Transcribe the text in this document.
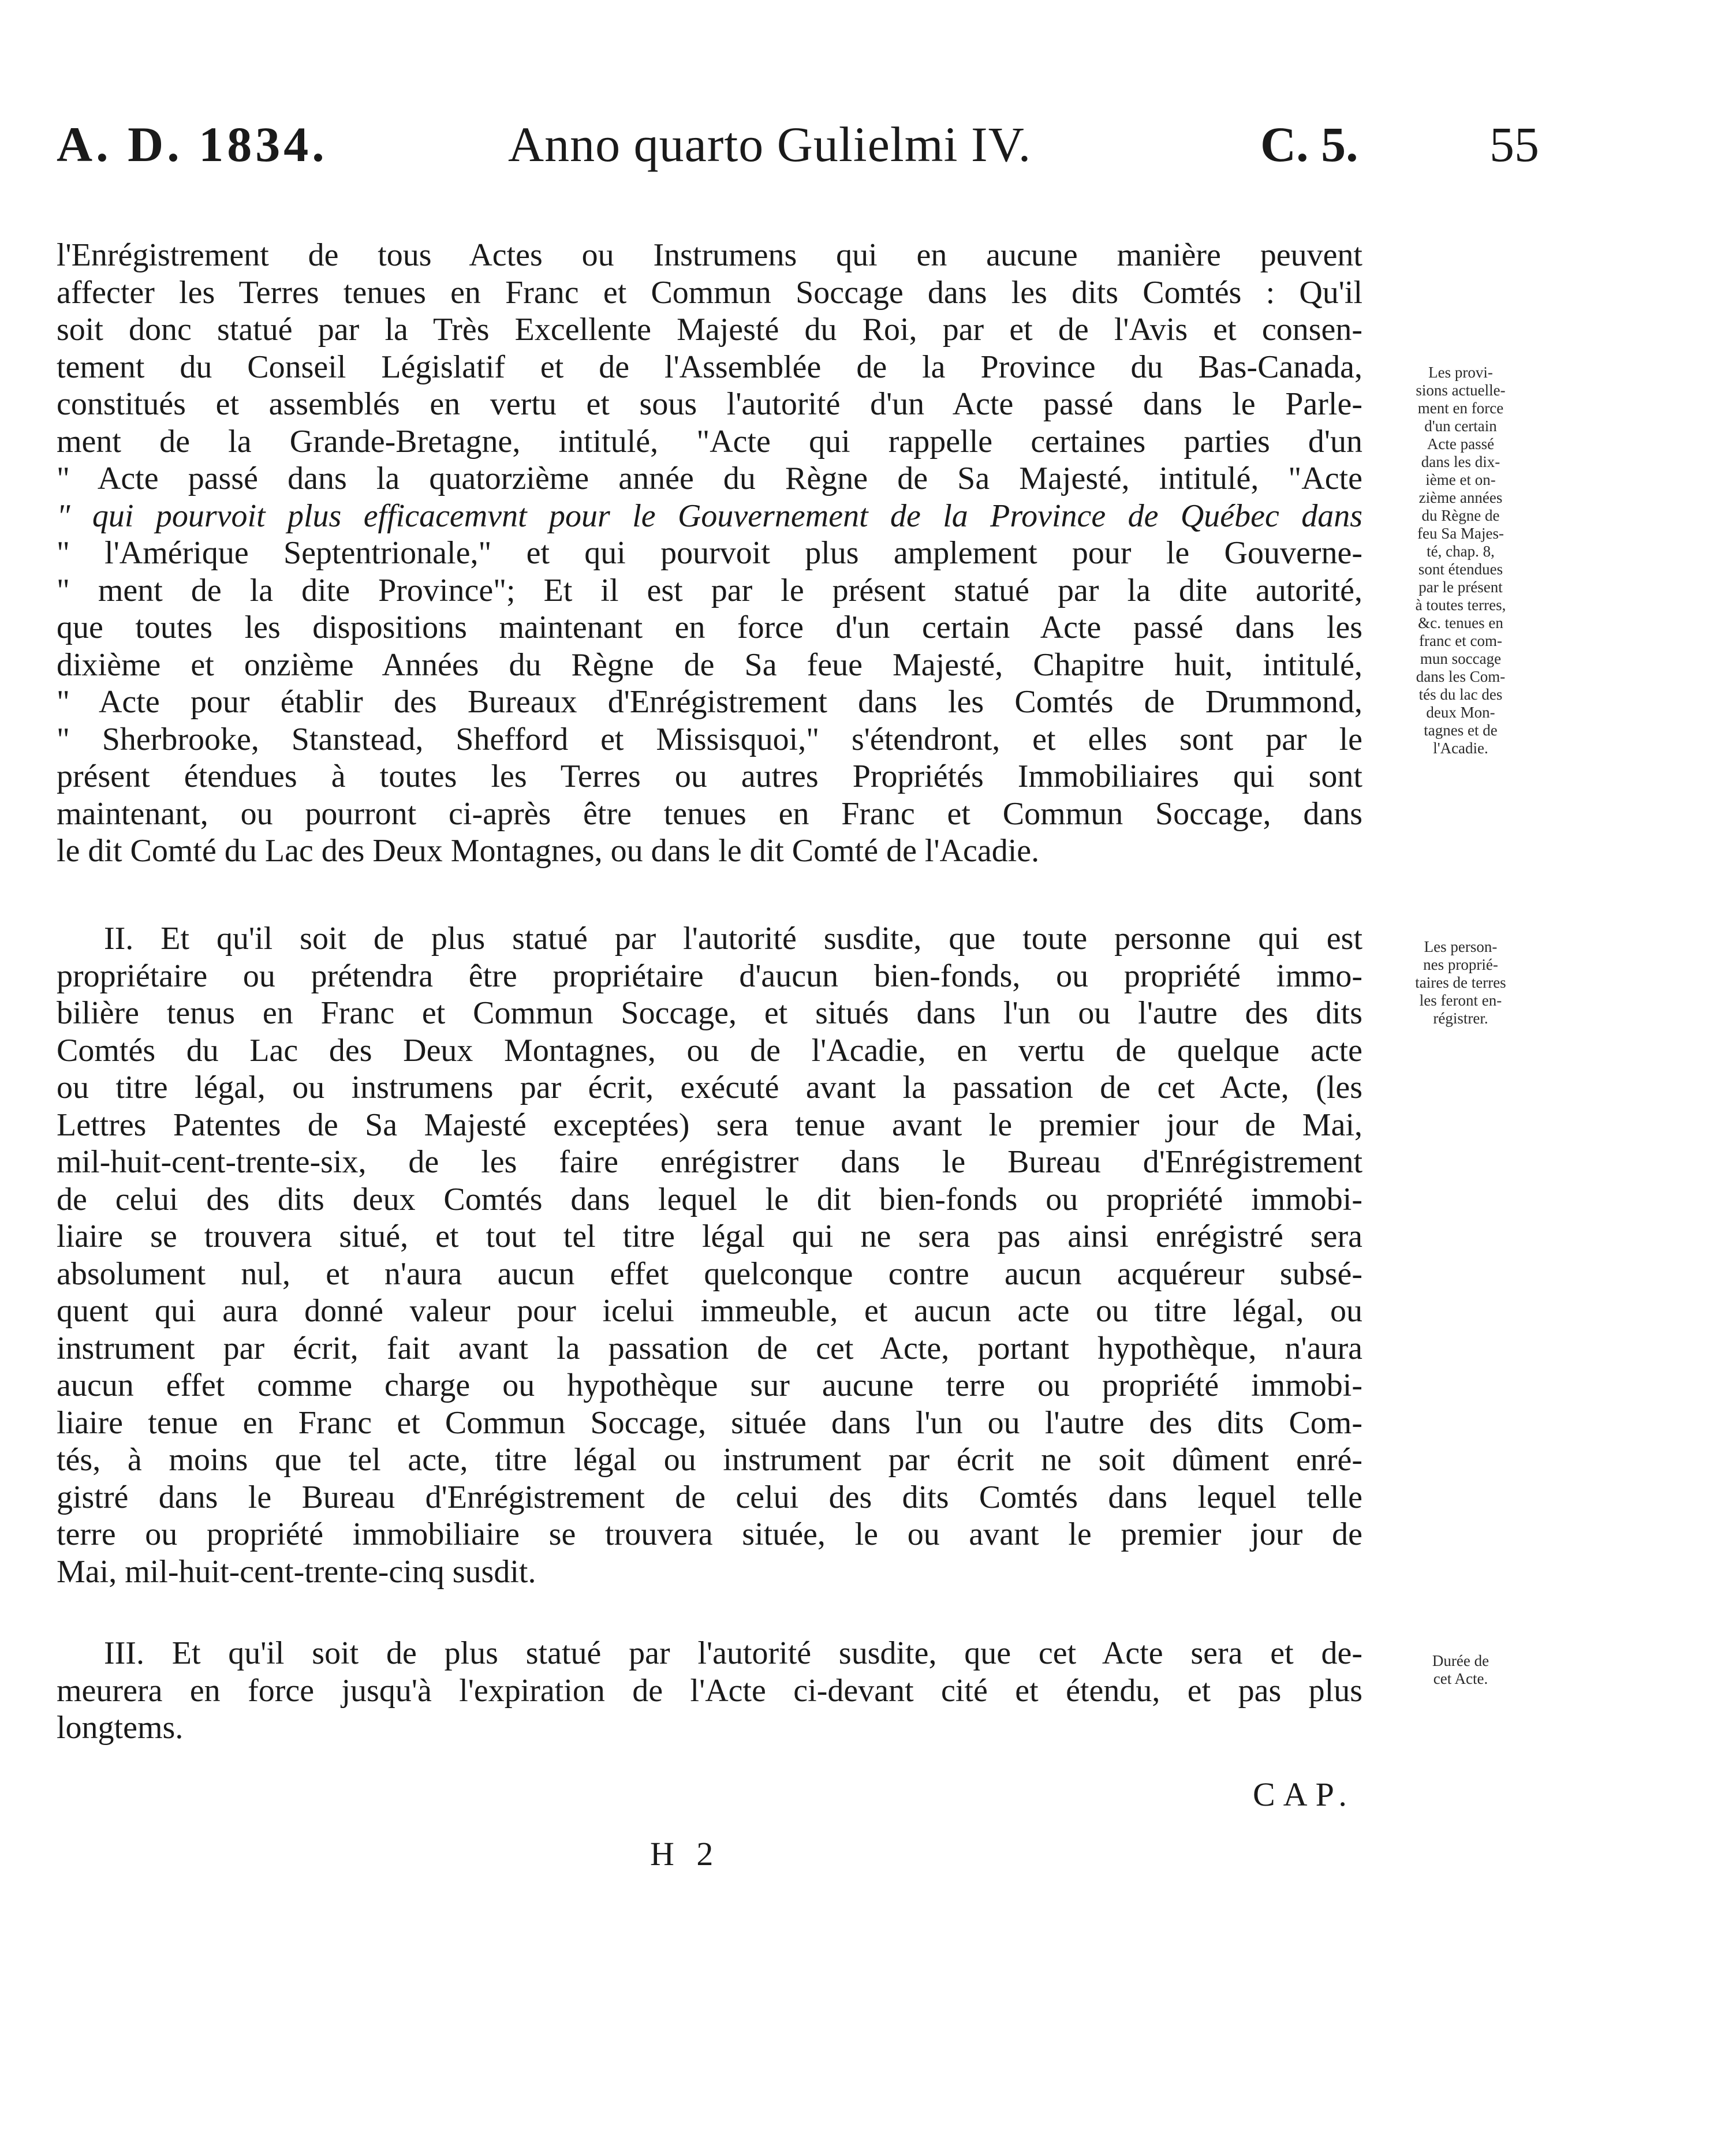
A. D. 1834.	Anno quarto Gulielmi IV.	C. 5.	55
l'Enrégistrement de tous Actes ou Instrumens qui en aucune manière peuvent
affecter les Terres tenues en Franc et Commun Soccage dans les dits Comtés : Qu'il
soit donc statué par la Très Excellente Majesté du Roi, par et de l'Avis et consen-
tement du Conseil Législatif et de l'Assemblée de la Province du Bas-Canada,
constitués et assemblés en vertu et sous l'autorité d'un Acte passé dans le Parle-
ment de la Grande-Bretagne, intitulé, "Acte qui rappelle certaines parties d'un
" Acte passé dans la quatorzième année du Règne de Sa Majesté, intitulé, "Acte
" qui pourvoit plus efficacemvnt pour le Gouvernement de la Province de Québec dans
" l'Amérique Septentrionale," et qui pourvoit plus amplement pour le Gouverne-
" ment de la dite Province"; Et il est par le présent statué par la dite autorité,
que toutes les dispositions maintenant en force d'un certain Acte passé dans les
dixième et onzième Années du Règne de Sa feue Majesté, Chapitre huit, intitulé,
" Acte pour établir des Bureaux d'Enrégistrement dans les Comtés de Drummond,
" Sherbrooke, Stanstead, Shefford et Missisquoi," s'étendront, et elles sont par le
présent étendues à toutes les Terres ou autres Propriétés Immobiliaires qui sont
maintenant, ou pourront ci-après être tenues en Franc et Commun Soccage, dans
le dit Comté du Lac des Deux Montagnes, ou dans le dit Comté de l'Acadie.
Les provi-
sions actuelle-
ment en force
d'un certain
Acte passé
dans les dix-
ième et on-
zième années
du Règne de
feu Sa Majes-
té, chap. 8,
sont étendues
par le présent
à toutes terres,
&c. tenues en
franc et com-
mun soccage
dans les Com-
tés du lac des
deux Mon-
tagnes et de
l'Acadie.
II. Et qu'il soit de plus statué par l'autorité susdite, que toute personne qui est
propriétaire ou prétendra être propriétaire d'aucun bien-fonds, ou propriété immo-
bilière tenus en Franc et Commun Soccage, et situés dans l'un ou l'autre des dits
Comtés du Lac des Deux Montagnes, ou de l'Acadie, en vertu de quelque acte
ou titre légal, ou instrumens par écrit, exécuté avant la passation de cet Acte, (les
Lettres Patentes de Sa Majesté exceptées) sera tenue avant le premier jour de Mai,
mil-huit-cent-trente-six, de les faire enrégistrer dans le Bureau d'Enrégistrement
de celui des dits deux Comtés dans lequel le dit bien-fonds ou propriété immobi-
liaire se trouvera situé, et tout tel titre légal qui ne sera pas ainsi enrégistré sera
absolument nul, et n'aura aucun effet quelconque contre aucun acquéreur subsé-
quent qui aura donné valeur pour icelui immeuble, et aucun acte ou titre légal, ou
instrument par écrit, fait avant la passation de cet Acte, portant hypothèque, n'aura
aucun effet comme charge ou hypothèque sur aucune terre ou propriété immobi-
liaire tenue en Franc et Commun Soccage, située dans l'un ou l'autre des dits Com-
tés, à moins que tel acte, titre légal ou instrument par écrit ne soit dûment enré-
gistré dans le Bureau d'Enrégistrement de celui des dits Comtés dans lequel telle
terre ou propriété immobiliaire se trouvera située, le ou avant le premier jour de
Mai, mil-huit-cent-trente-cinq susdit.
Les person-
nes proprié-
taires de terres
les feront en-
régistrer.
III. Et qu'il soit de plus statué par l'autorité susdite, que cet Acte sera et de-
meurera en force jusqu'à l'expiration de l'Acte ci-devant cité et étendu, et pas plus
longtems.
Durée de
cet Acte.
CAP.
H 2
